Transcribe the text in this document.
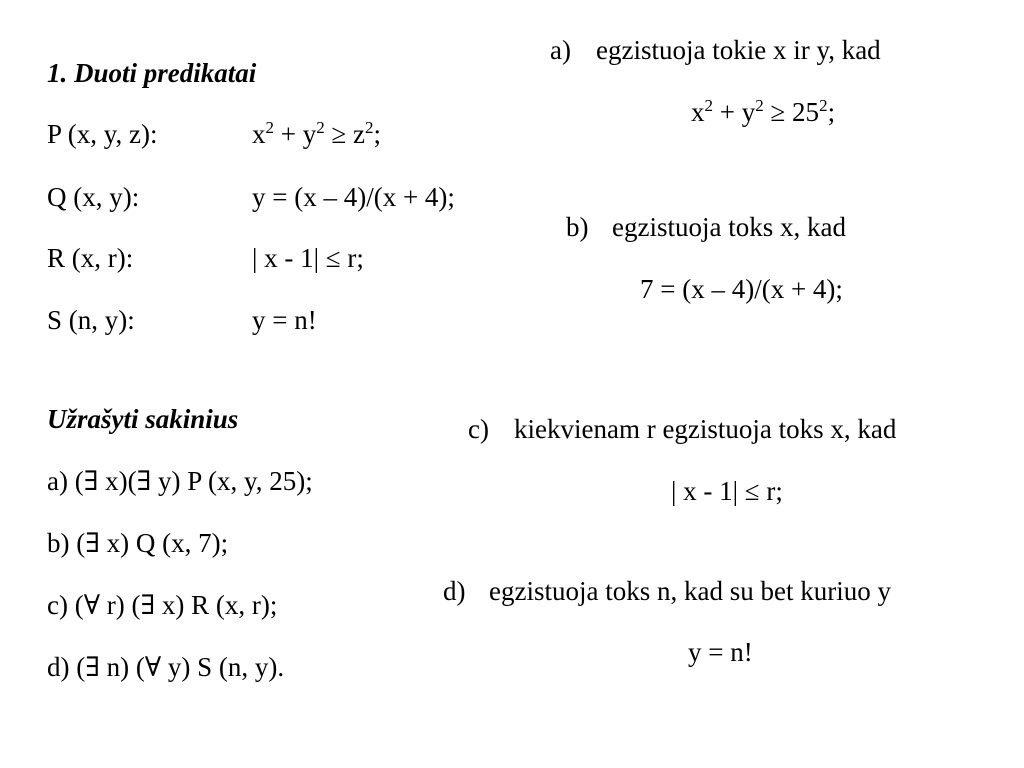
1. Duoti predikatai
P (x, y, z):	$x^2 + y^2 \ge z^2$;
Q (x, y):	y = (x – 4)/(x + 4);
R (x, r):	| x - 1| ≤ r;
S (n, y):	y = n!
Užrašyti sakinius
a) (∃ x)(∃ y) P (x, y, 25);
b) (∃ x) Q (x, 7);
c) (∀ r) (∃ x) R (x, r);
d) (∃ n) (∀ y) S (n, y).
a) egzistuoja tokie x ir y, kad
$x^2 + y^2 \ge 25^2$;
b) egzistuoja toks x, kad
7 = (x – 4)/(x + 4);
c) kiekvienam r egzistuoja toks x, kad
| x - 1| ≤ r;
d) egzistuoja toks n, kad su bet kuriuo y
y = n!
